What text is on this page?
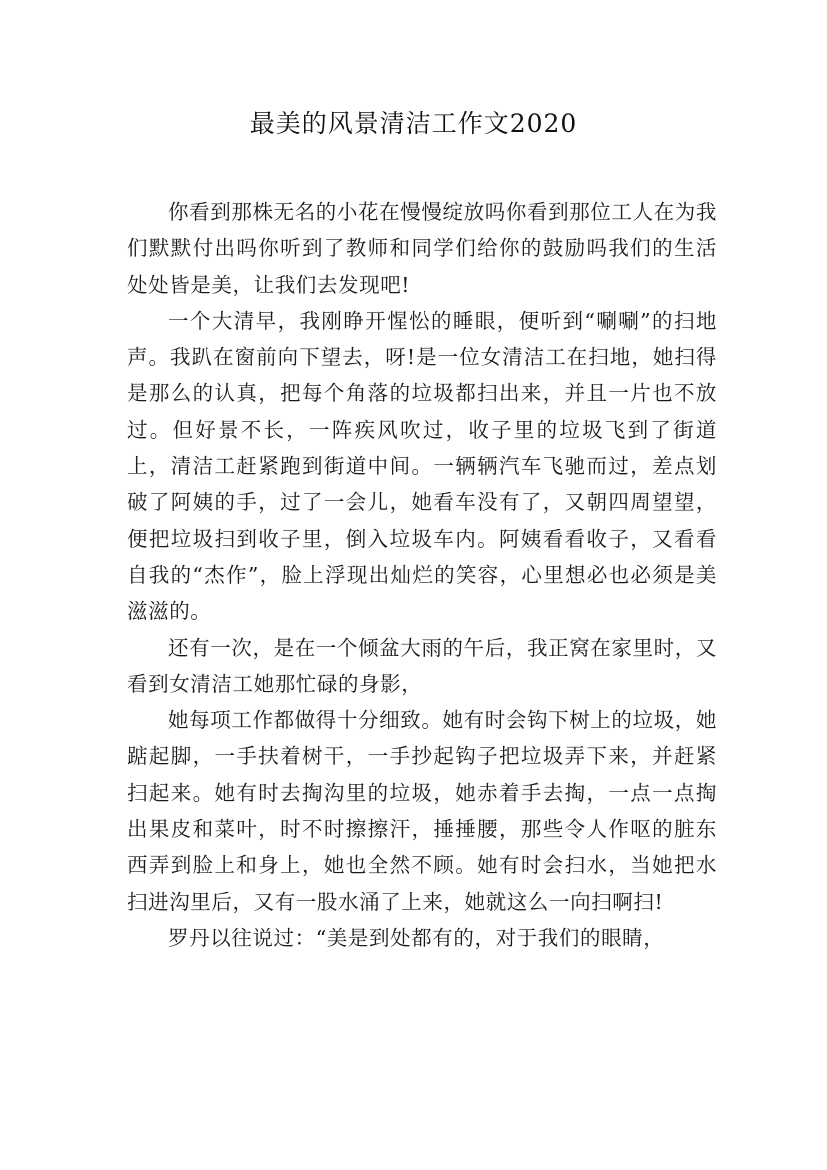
最美的风景清洁工作文2020

你看到那株无名的小花在慢慢绽放吗你看到那位工人在为我们默默付出吗你听到了教师和同学们给你的鼓励吗我们的生活处处皆是美，让我们去发现吧!

一个大清早，我刚睁开惺忪的睡眼，便听到“唰唰”的扫地声。我趴在窗前向下望去，呀!是一位女清洁工在扫地，她扫得是那么的认真，把每个角落的垃圾都扫出来，并且一片也不放过。但好景不长，一阵疾风吹过，收子里的垃圾飞到了街道上，清洁工赶紧跑到街道中间。一辆辆汽车飞驰而过，差点划破了阿姨的手，过了一会儿，她看车没有了，又朝四周望望，便把垃圾扫到收子里，倒入垃圾车内。阿姨看看收子，又看看自我的“杰作”，脸上浮现出灿烂的笑容，心里想必也必须是美滋滋的。

还有一次，是在一个倾盆大雨的午后，我正窝在家里时，又看到女清洁工她那忙碌的身影，

她每项工作都做得十分细致。她有时会钩下树上的垃圾，她踮起脚，一手扶着树干，一手抄起钩子把垃圾弄下来，并赶紧扫起来。她有时去掏沟里的垃圾，她赤着手去掏，一点一点掏出果皮和菜叶，时不时擦擦汗，捶捶腰，那些令人作呕的脏东西弄到脸上和身上，她也全然不顾。她有时会扫水，当她把水扫进沟里后，又有一股水涌了上来，她就这么一向扫啊扫!

罗丹以往说过：“美是到处都有的，对于我们的眼睛，
